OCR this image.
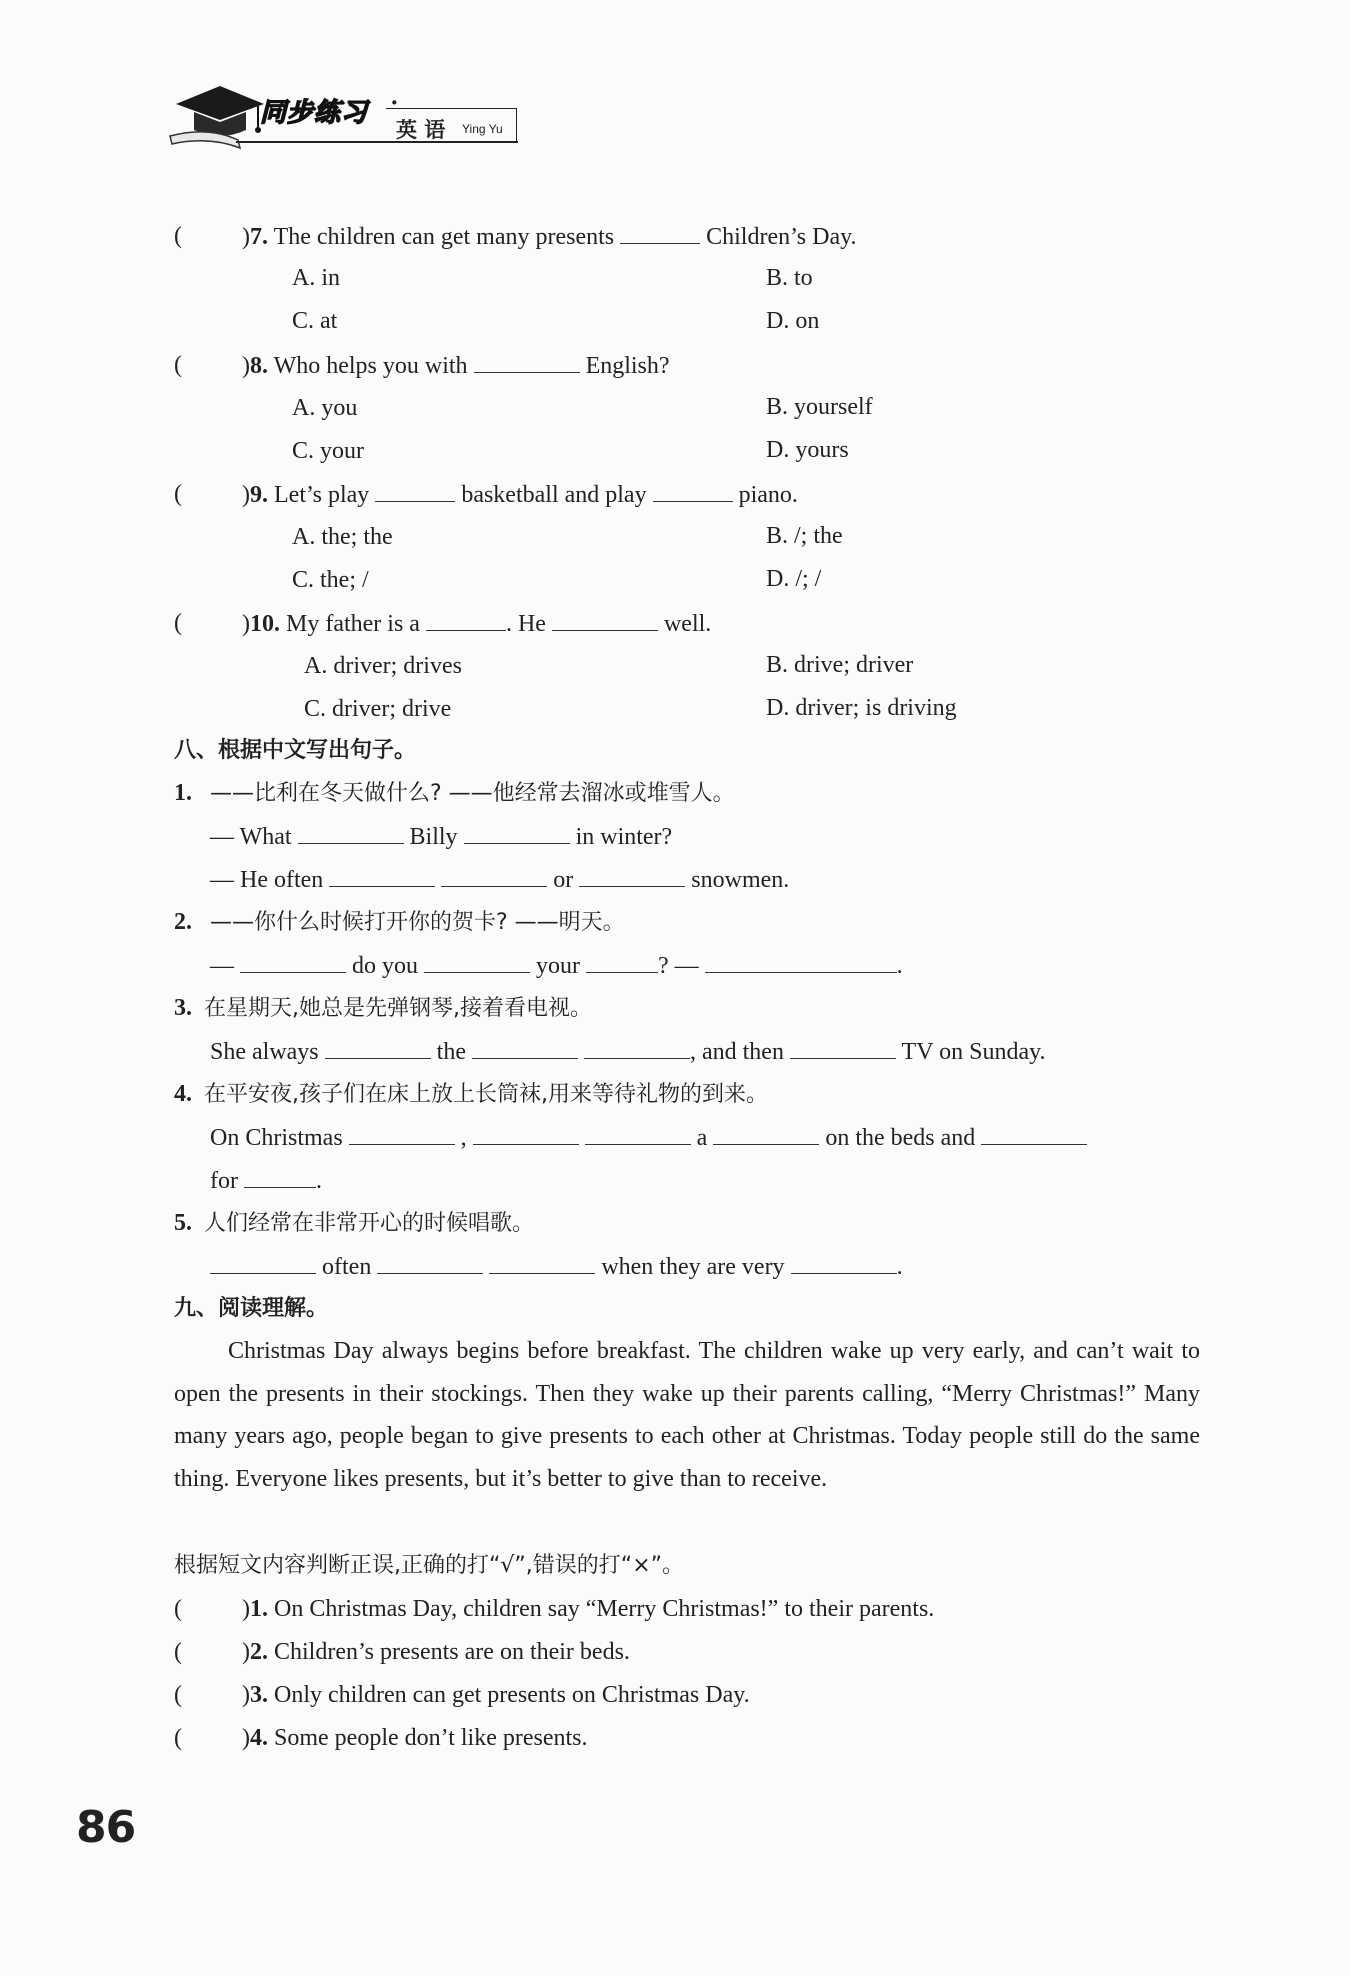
同步练习 ·
英 语 Ying Yu
(	)7. The children can get many presents	Children’s Day.
A. in	B. to
C. at	D. on
(	)8. Who helps you with	English?
A. you	B. yourself
C. your	D. yours
(	)9. Let’s play	basketball and play	piano.
A. the; the	B. /; the
C. the; /	D. /; /
(	)10. My father is a	. He	well.
A. driver; drives	B. drive; driver
C. driver; drive	D. driver; is driving
八、根据中文写出句子。
1. ——比利在冬天做什么? ——他经常去溜冰或堆雪人。
— What	Billy	in winter?
— He often	or	snowmen.
2. ——你什么时候打开你的贺卡? ——明天。
—	do you	your	? —	.
3. 在星期天,她总是先弹钢琴,接着看电视。
She always	the	, and then	TV on Sunday.
4. 在平安夜,孩子们在床上放上长筒袜,用来等待礼物的到来。
On Christmas	,	a	on the beds and
for	.
5. 人们经常在非常开心的时候唱歌。
often	when they are very	.
九、阅读理解。
Christmas Day always begins before breakfast. The children wake up very early, and can’t wait to open the presents in their stockings. Then they wake up their parents calling, “Merry Christmas!” Many many years ago, people began to give presents to each other at Christmas. Today people still do the same thing. Everyone likes presents, but it’s better to give than to receive.
根据短文内容判断正误,正确的打“√”,错误的打“×”。
(	)1. On Christmas Day, children say “Merry Christmas!” to their parents.
(	)2. Children’s presents are on their beds.
(	)3. Only children can get presents on Christmas Day.
(	)4. Some people don’t like presents.
86
